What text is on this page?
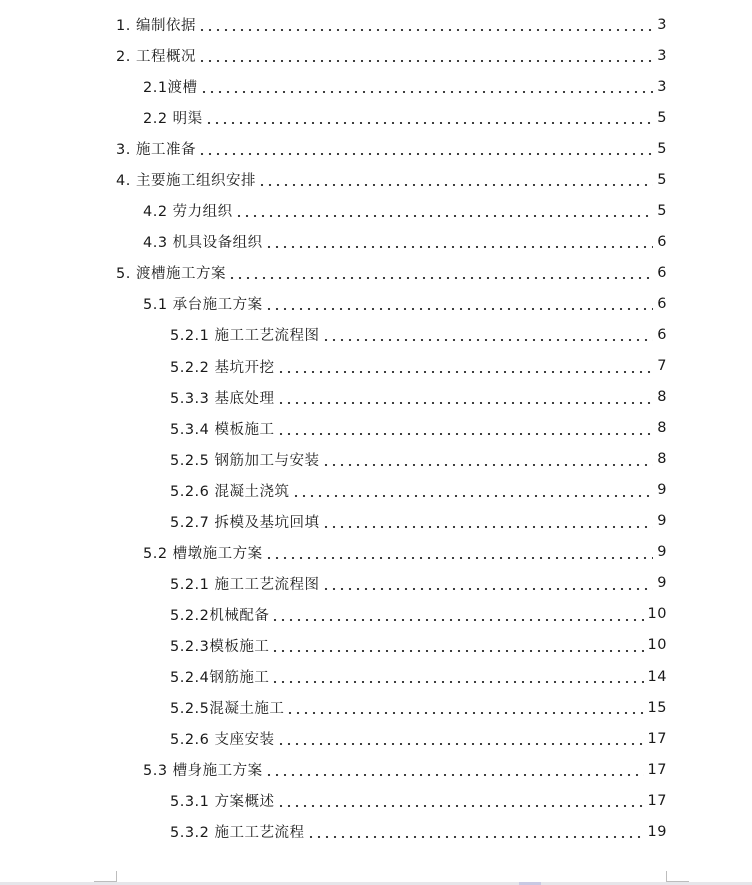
1. 编制依据	3
2. 工程概况	3
2.1渡槽	3
2.2 明渠	5
3. 施工准备	5
4. 主要施工组织安排	5
4.2 劳力组织	5
4.3 机具设备组织	6
5. 渡槽施工方案	6
5.1 承台施工方案	6
5.2.1 施工工艺流程图	6
5.2.2 基坑开挖	7
5.3.3 基底处理	8
5.3.4 模板施工	8
5.2.5 钢筋加工与安装	8
5.2.6 混凝土浇筑	9
5.2.7 拆模及基坑回填	9
5.2 槽墩施工方案	9
5.2.1 施工工艺流程图	9
5.2.2机械配备	10
5.2.3模板施工	10
5.2.4钢筋施工	14
5.2.5混凝土施工	15
5.2.6 支座安装	17
5.3 槽身施工方案	17
5.3.1 方案概述	17
5.3.2 施工工艺流程	19
